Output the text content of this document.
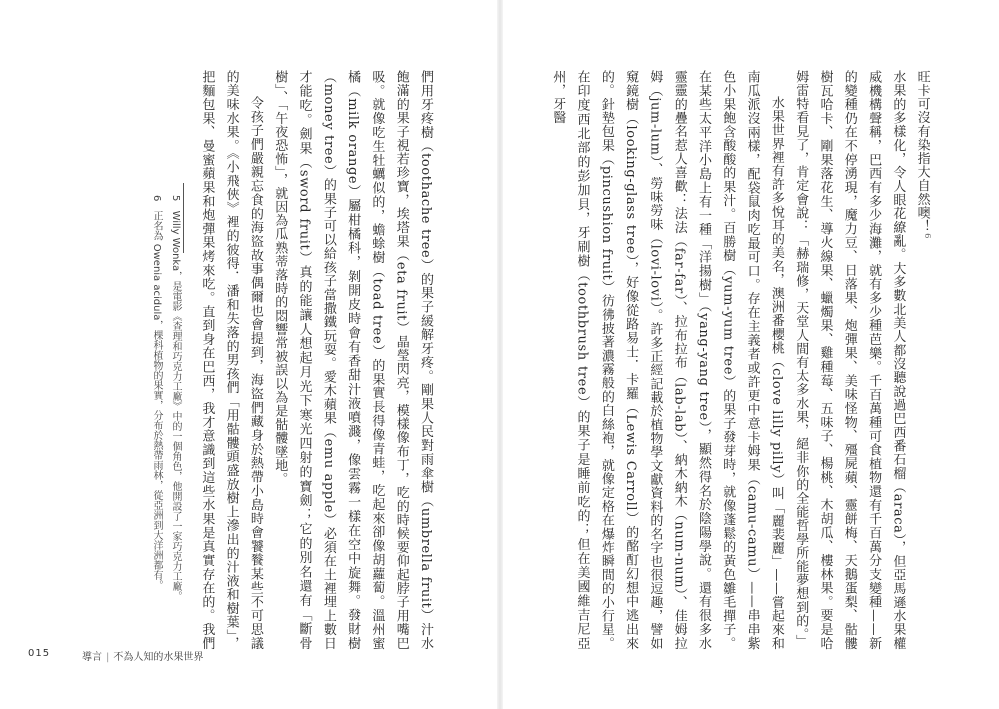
們用牙疼樹（toothache tree）的果子緩解牙疼。剛果人民對雨傘樹（umbrella fruit）汁水飽滿的果子視若珍寶，埃塔果（eta fruit）晶瑩閃亮，模樣像布丁，吃的時候要仰起脖子用嘴巴吸。就像吃生牡蠣似的，蟾蜍樹（toad tree）的果實長得像青蛙，吃起來卻像胡蘿蔔。溫州蜜橘（milk orange）屬柑橘科，剝開皮時會有香甜汁液噴濺，像雲霧一樣在空中旋舞。發財樹（money tree）的果子可以給孩子當撒鐵玩耍。愛木蘋果（emu apple）必須在土裡埋上數日才能吃。劍果（sword fruit）真的能讓人想起月光下寒光四射的寶劍；它的別名還有「斷骨樹」、「午夜恐怖」，就因為瓜熟蒂落時的悶響常被誤以為是骷髏墜地。

令孩子們嚴親忘食的海盜故事偶爾也會提到，海盜們藏身於熱帶小島時會饕餮某些不可思議的美味水果。《小飛俠》裡的彼得．潘和失落的男孩們「用骷髏頭盛放樹上滲出的汁液和樹葉」，把麵包果、曼蜜蘋果和炮彈果烤來吃。直到身在巴西，我才意識到這些水果是真實存在的。我們

5 Willy Wonka，是電影《查理和巧克力工廠》中的一個角色，他開設了一家巧克力工廠。

6 正名為 Owenia acidula，棵科植物的果實，分布於熱帶雨林，從亞洲到大洋洲都有。

015	導言 | 不為人知的水果世界

旺卡可沒有染指大自然噢！$^6$

水果的多樣化，令人眼花繚亂。大多數北美人都沒聽說過巴西番石榴（araca），但亞馬遜水果權威機構聲稱，巴西有多少海灘，就有多少種芭樂。千百萬種可食植物還有千百萬分支變種——新的變種仍在不停湧現，魔力豆、日落果、炮彈果、美味怪物、殭屍蘋、靈餅梅、天鵝蛋梨、骷髏樹瓦哈卡、剛果落花生、導火線果、蠟燭果、雞種莓、五味子、楊桃、木胡瓜、樓林果。要是哈姆雷特看見了，肯定會說：「赫瑞修，天堂人間有太多水果，絕非你的全能哲學所能夢想到的。」

水果世界裡有許多悅耳的美名，澳洲番櫻桃（clove lilly pilly）叫「麗裴麗」——嘗起來和南瓜派沒兩樣，配袋鼠肉吃最可口。存在主義者或許更中意卡姆果（camu-camu）——串串紫色小果飽含酸酸的果汁。百勝樹（yum-yum tree）的果子發芽時，就像蓬鬆的黃色雛毛撣子。在某些太平洋小島上有一種「洋揚樹」（yang-yang tree），顯然得名於陰陽學說。還有很多水靈靈的疊名惹人喜歡：法法（far-far）、拉布拉布（lab-lab）、納木納木（num-num）、佳姆拉姆（jum-lum）、勞味勞味（lovi-lovi）。許多正經記載於植物學文獻資料的名字也很逗趣，譬如窺鏡樹（looking-glass tree），好像從路易士．卡羅（Lewis Carroll）的酩酊幻想中逃出來的。針墊包果（pincushion fruit）彷彿披著濃霧般的白絲袍，就像定格在爆炸瞬間的小行星。在印度西北部的彭加貝，牙刷樹（toothbrush tree）的果子是睡前吃的；但在美國維吉尼亞州，牙醫
